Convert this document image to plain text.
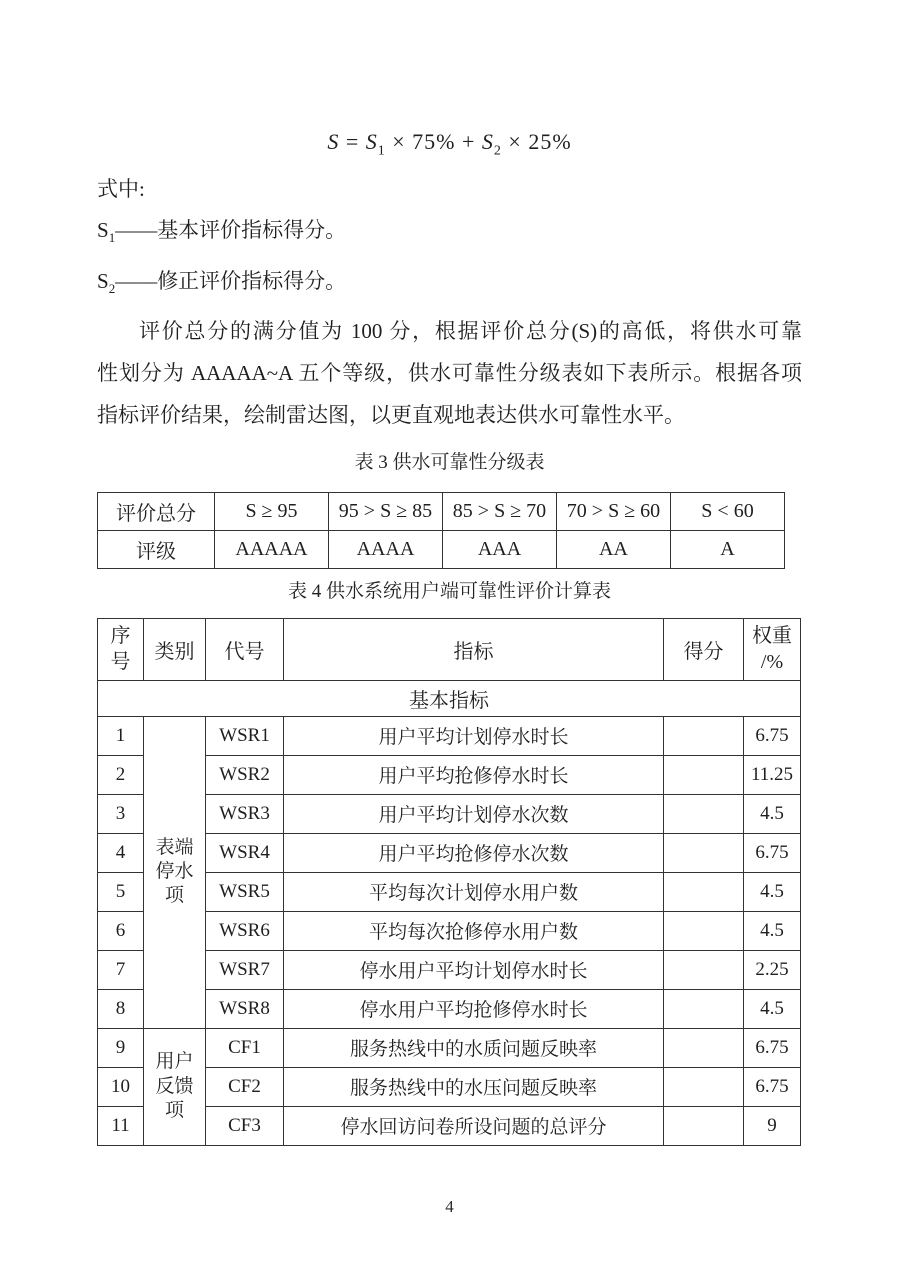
$S = S_1 \times 75\% + S_2 \times 25\%$
式中:
$S_1——$基本评价指标得分。
$S_2——$修正评价指标得分。
评价总分的满分值为 100 分，根据评价总分(S)的高低，将供水可靠
性划分为 AAAAA~A 五个等级，供水可靠性分级表如下表所示。根据各项
指标评价结果，绘制雷达图，以更直观地表达供水可靠性水平。
表 3 供水可靠性分级表
评价总分	S ≥ 95	95 > S ≥ 85	85 > S ≥ 70	70 > S ≥ 60	S < 60
评级	AAAAA	AAAA	AAA	AA	A
表 4 供水系统用户端可靠性评价计算表
序号	类别	代号	指标	得分	权重
/%

基本指标					
1	表端停水项	WSR1	用户平均计划停水时长		6.75
2		WSR2	用户平均抢修停水时长		11.25
3		WSR3	用户平均计划停水次数		4.5
4		WSR4	用户平均抢修停水次数		6.75
5		WSR5	平均每次计划停水用户数		4.5
6		WSR6	平均每次抢修停水用户数		4.5
7		WSR7	停水用户平均计划停水时长		2.25
8		WSR8	停水用户平均抢修停水时长		4.5
9	用户反馈项	CF1	服务热线中的水质问题反映率		6.75
10		CF2	服务热线中的水压问题反映率		6.75
11		CF3	停水回访问卷所设问题的总评分		9
4
